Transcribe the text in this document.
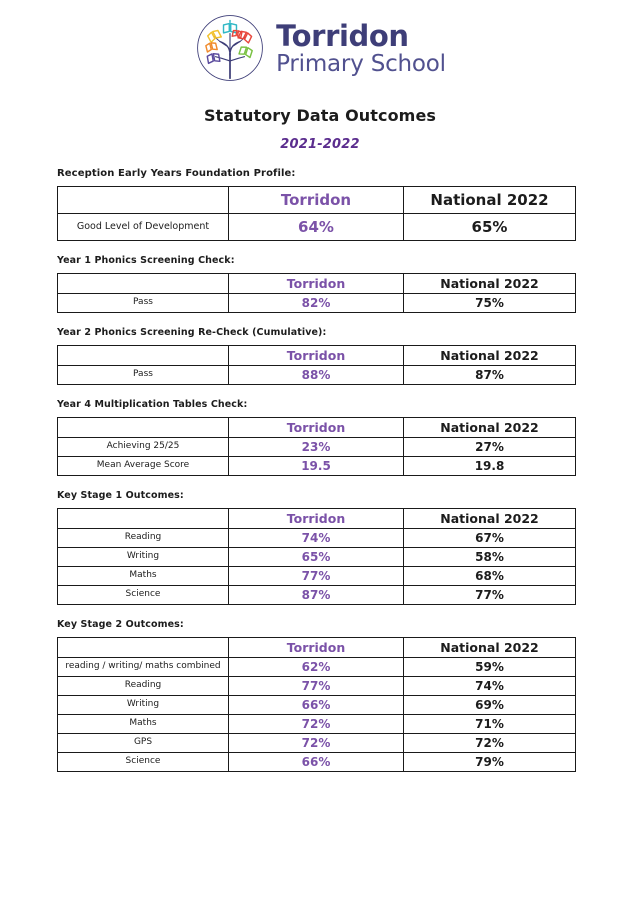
Torridon
Primary School
Statutory Data Outcomes
2021-2022
Reception Early Years Foundation Profile:
	Torridon	National 2022
Good Level of Development	64%	65%
Year 1 Phonics Screening Check:
	Torridon	National 2022
Pass	82%	75%
Year 2 Phonics Screening Re-Check (Cumulative):
	Torridon	National 2022
Pass	88%	87%
Year 4 Multiplication Tables Check:
	Torridon	National 2022
Achieving 25/25	23%	27%
Mean Average Score	19.5	19.8
Key Stage 1 Outcomes:
	Torridon	National 2022
Reading	74%	67%
Writing	65%	58%
Maths	77%	68%
Science	87%	77%
Key Stage 2 Outcomes:
	Torridon	National 2022
reading / writing/ maths combined	62%	59%
Reading	77%	74%
Writing	66%	69%
Maths	72%	71%
GPS	72%	72%
Science	66%	79%
